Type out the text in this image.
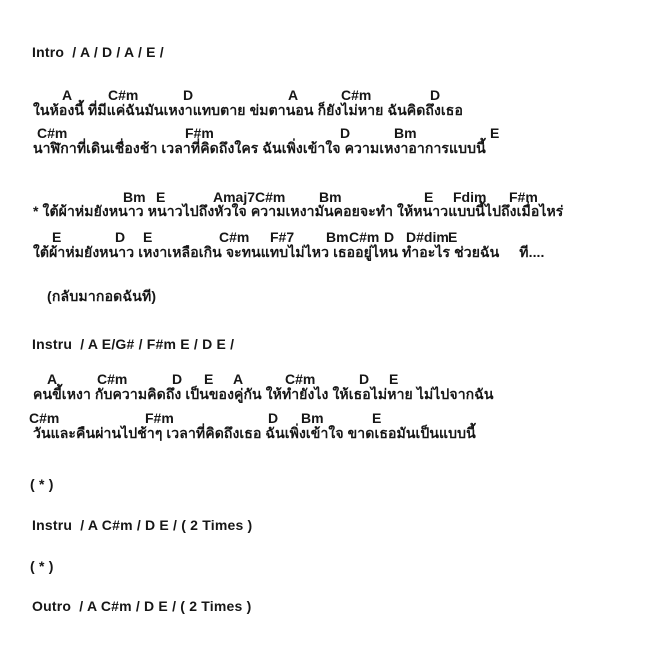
Intro  / A / D / A / E /
A	C#m	D	A	C#m	D
ในห้องนี้ ที่มีแค่ฉันมันเหงาแทบตาย ข่มตานอน ก็ยังไม่หาย ฉันคิดถึงเธอ
C#m	F#m	D	Bm	E
นาฬิกาที่เดินเชื่องช้า เวลาที่คิดถึงใคร ฉันเพิ่งเข้าใจ ความเหงาอาการแบบนี้
Bm E	Amaj7 C#m Bm	E Fdim F#m
* ใต้ผ้าห่มยังหนาว หนาวไปถึงหัวใจ ความเหงามันคอยจะทำ ให้หนาวแบบนี้ไปถึงเมื่อไหร่
E	D E	C#m F#7 Bm C#m D D#dim E
ใต้ผ้าห่มยังหนาว เหงาเหลือเกิน จะทนแทบไม่ไหว เธออยู่ไหน ทำอะไร ช่วยฉัน     ที....
(กลับมากอดฉันที)
Instru  / A E/G# / F#m E / D E /
A	C#m	D E A	C#m	D E
คนขี้เหงา กับความคิดถึง เป็นของคู่กัน ให้ทำยังไง ให้เธอไม่หาย ไม่ไปจากฉัน
C#m	F#m	D Bm	E
วันและคืนผ่านไปช้าๆ เวลาที่คิดถึงเธอ ฉันเพิ่งเข้าใจ ขาดเธอมันเป็นแบบนี้
( * )
Instru  / A C#m / D E / ( 2 Times )
( * )
Outro  / A C#m / D E / ( 2 Times )
